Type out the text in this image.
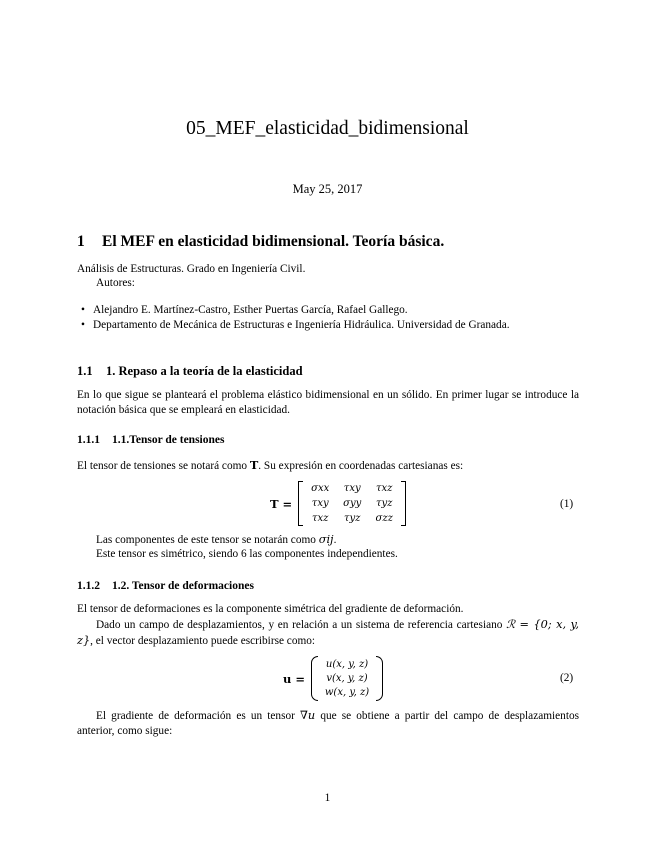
05_MEF_elasticidad_bidimensional
May 25, 2017
1 El MEF en elasticidad bidimensional. Teoría básica.
Análisis de Estructuras. Grado en Ingeniería Civil.
Autores:
• Alejandro E. Martínez-Castro, Esther Puertas García, Rafael Gallego.
• Departamento de Mecánica de Estructuras e Ingeniería Hidráulica. Universidad de Granada.
1.1 1. Repaso a la teoría de la elasticidad
En lo que sigue se planteará el problema elástico bidimensional en un sólido. En primer lugar se introduce la notación básica que se empleará en elasticidad.
1.1.1 1.1.Tensor de tensiones
El tensor de tensiones se notará como T. Su expresión en coordenadas cartesianas es:
T =
σxx	τxy	τxz
τxy	σyy	τyz
τxz	τyz	σzz
(1)
Las componentes de este tensor se notarán como σij.
Este tensor es simétrico, siendo 6 las componentes independientes.
1.1.2 1.2. Tensor de deformaciones
El tensor de deformaciones es la componente simétrica del gradiente de deformación.
Dado un campo de desplazamientos, y en relación a un sistema de referencia cartesiano ℛ = {0; x, y, z}, el vector desplazamiento puede escribirse como:
u =
u(x, y, z)
v(x, y, z)
w(x, y, z)
(2)
El gradiente de deformación es un tensor ∇u que se obtiene a partir del campo de desplazamientos anterior, como sigue:
1
